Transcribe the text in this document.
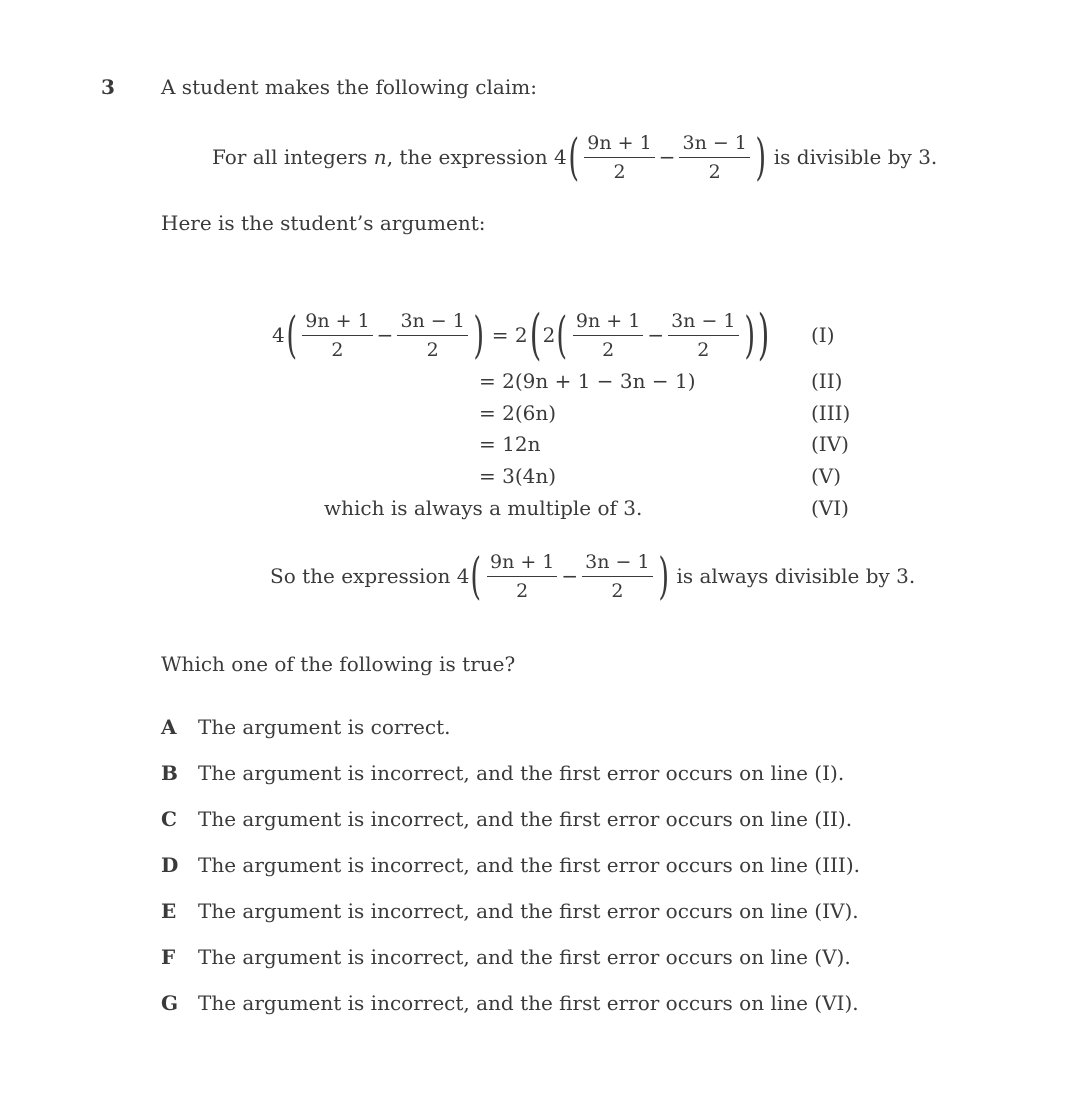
3 A student makes the following claim:
For all integers
n , the expression
4 ( $\frac{9n + 1}{2} - \frac{3n - 1}{2}$ )
is divisible by 3.
Here is the student’s argument:
4 ( $\frac{9n + 1}{2} - \frac{3n - 1}{2}$ )
= 2 ( 2 ( $\frac{9n + 1}{2} - \frac{3n - 1}{2}$ ) ) (I)
= 2(9n + 1 − 3n − 1)	(II)
= 2(6n)	(III)
= 12n	(IV)
= 3(4n)	(V)
which is always a multiple of 3.	(VI)
So the expression
4 ( $\frac{9n + 1}{2} - \frac{3n - 1}{2}$ )
is always divisible by 3.
Which one of the following is true?
A The argument is correct.
B The argument is incorrect, and the first error occurs on line (I).
C The argument is incorrect, and the first error occurs on line (II).
D The argument is incorrect, and the first error occurs on line (III).
E The argument is incorrect, and the first error occurs on line (IV).
F The argument is incorrect, and the first error occurs on line (V).
G The argument is incorrect, and the first error occurs on line (VI).
